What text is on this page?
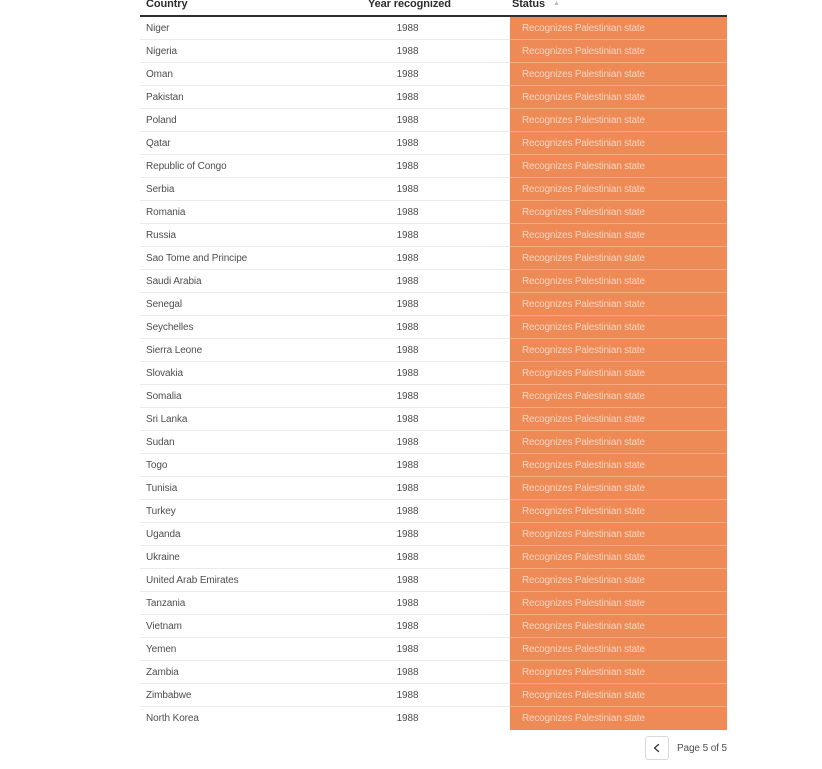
Country	Year recognized	Status ▲
Niger	1988	Recognizes Palestinian state
Nigeria	1988	Recognizes Palestinian state
Oman	1988	Recognizes Palestinian state
Pakistan	1988	Recognizes Palestinian state
Poland	1988	Recognizes Palestinian state
Qatar	1988	Recognizes Palestinian state
Republic of Congo	1988	Recognizes Palestinian state
Serbia	1988	Recognizes Palestinian state
Romania	1988	Recognizes Palestinian state
Russia	1988	Recognizes Palestinian state
Sao Tome and Principe	1988	Recognizes Palestinian state
Saudi Arabia	1988	Recognizes Palestinian state
Senegal	1988	Recognizes Palestinian state
Seychelles	1988	Recognizes Palestinian state
Sierra Leone	1988	Recognizes Palestinian state
Slovakia	1988	Recognizes Palestinian state
Somalia	1988	Recognizes Palestinian state
Sri Lanka	1988	Recognizes Palestinian state
Sudan	1988	Recognizes Palestinian state
Togo	1988	Recognizes Palestinian state
Tunisia	1988	Recognizes Palestinian state
Turkey	1988	Recognizes Palestinian state
Uganda	1988	Recognizes Palestinian state
Ukraine	1988	Recognizes Palestinian state
United Arab Emirates	1988	Recognizes Palestinian state
Tanzania	1988	Recognizes Palestinian state
Vietnam	1988	Recognizes Palestinian state
Yemen	1988	Recognizes Palestinian state
Zambia	1988	Recognizes Palestinian state
Zimbabwe	1988	Recognizes Palestinian state
North Korea	1988	Recognizes Palestinian state
Page 5 of 5
